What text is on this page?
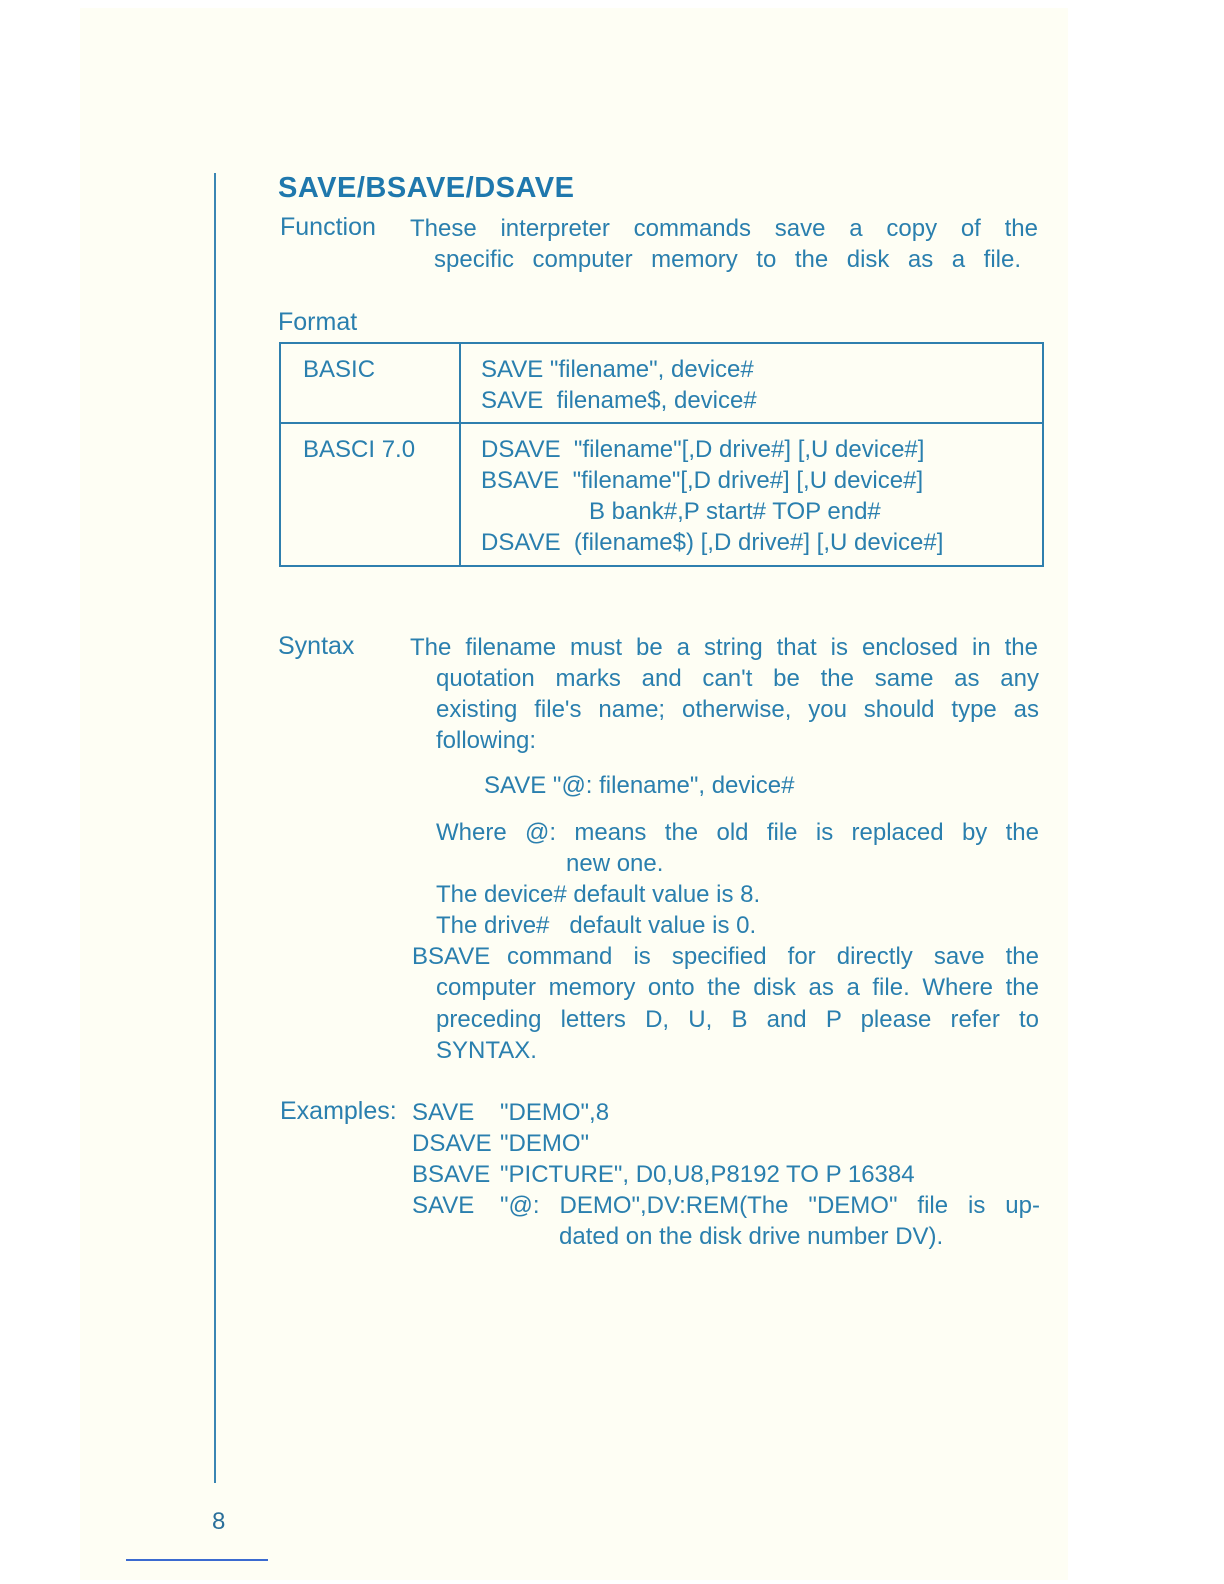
SAVE/BSAVE/DSAVE
Function These interpreter commands save a copy of the
specific computer memory to the disk as a file.
Format
BASIC	SAVE "filename", device#
SAVE  filename$, device#

BASCI 7.0	DSAVE  "filename"[,D drive#] [,U device#]
BSAVE  "filename"[,D drive#] [,U device#]
B bank#,P start# TOP end#
DSAVE  (filename$) [,D drive#] [,U device#]
Syntax The filename must be a string that is enclosed in the
quotation marks and can't be the same as any
existing file's name; otherwise, you should type as
following:
SAVE "@: filename", device#
Where @: means the old file is replaced by the
new one.
The device# default value is 8.
The drive#   default value is 0.
BSAVE command is specified for directly save the
computer memory onto the disk as a file. Where the
preceding letters D, U, B and P please refer to
SYNTAX.
Examples: SAVE "DEMO",8
DSAVE "DEMO"
BSAVE "PICTURE", D0,U8,P8192 TO P 16384
SAVE "@: DEMO",DV:REM(The "DEMO" file is up-
dated on the disk drive number DV).
8
